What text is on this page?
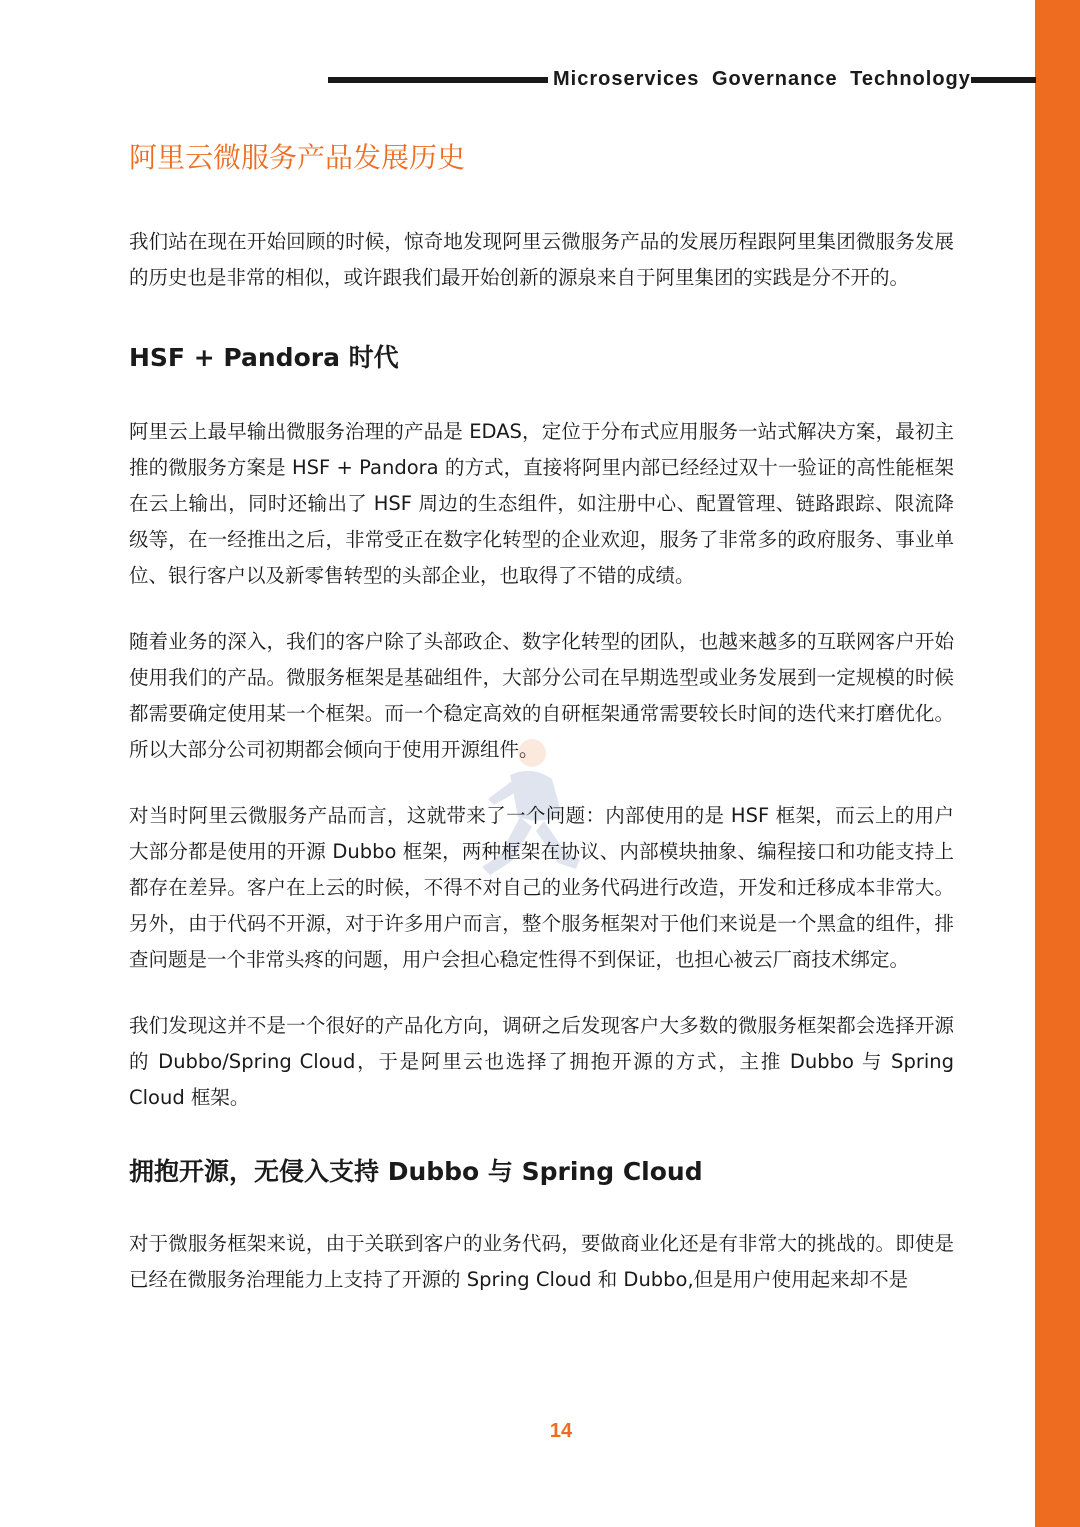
Microservices Governance Technology
阿里云微服务产品发展历史

我们站在现在开始回顾的时候，惊奇地发现阿里云微服务产品的发展历程跟阿里集团微服务发展的历史也是非常的相似，或许跟我们最开始创新的源泉来自于阿里集团的实践是分不开的。

HSF + Pandora 时代

阿里云上最早输出微服务治理的产品是 EDAS，定位于分布式应用服务一站式解决方案，最初主推的微服务方案是 HSF + Pandora 的方式，直接将阿里内部已经经过双十一验证的高性能框架在云上输出，同时还输出了 HSF 周边的生态组件，如注册中心、配置管理、链路跟踪、限流降级等，在一经推出之后，非常受正在数字化转型的企业欢迎，服务了非常多的政府服务、事业单位、银行客户以及新零售转型的头部企业，也取得了不错的成绩。

随着业务的深入，我们的客户除了头部政企、数字化转型的团队，也越来越多的互联网客户开始使用我们的产品。微服务框架是基础组件，大部分公司在早期选型或业务发展到一定规模的时候都需要确定使用某一个框架。而一个稳定高效的自研框架通常需要较长时间的迭代来打磨优化。所以大部分公司初期都会倾向于使用开源组件。

对当时阿里云微服务产品而言，这就带来了一个问题：内部使用的是 HSF 框架，而云上的用户大部分都是使用的开源 Dubbo 框架，两种框架在协议、内部模块抽象、编程接口和功能支持上都存在差异。客户在上云的时候，不得不对自己的业务代码进行改造，开发和迁移成本非常大。另外，由于代码不开源，对于许多用户而言，整个服务框架对于他们来说是一个黑盒的组件，排查问题是一个非常头疼的问题，用户会担心稳定性得不到保证，也担心被云厂商技术绑定。

我们发现这并不是一个很好的产品化方向，调研之后发现客户大多数的微服务框架都会选择开源的 Dubbo/Spring Cloud，于是阿里云也选择了拥抱开源的方式，主推 Dubbo 与 Spring Cloud 框架。

拥抱开源，无侵入支持 Dubbo 与 Spring Cloud

对于微服务框架来说，由于关联到客户的业务代码，要做商业化还是有非常大的挑战的。即使是已经在微服务治理能力上支持了开源的 Spring Cloud 和 Dubbo,但是用户使用起来却不是

14
